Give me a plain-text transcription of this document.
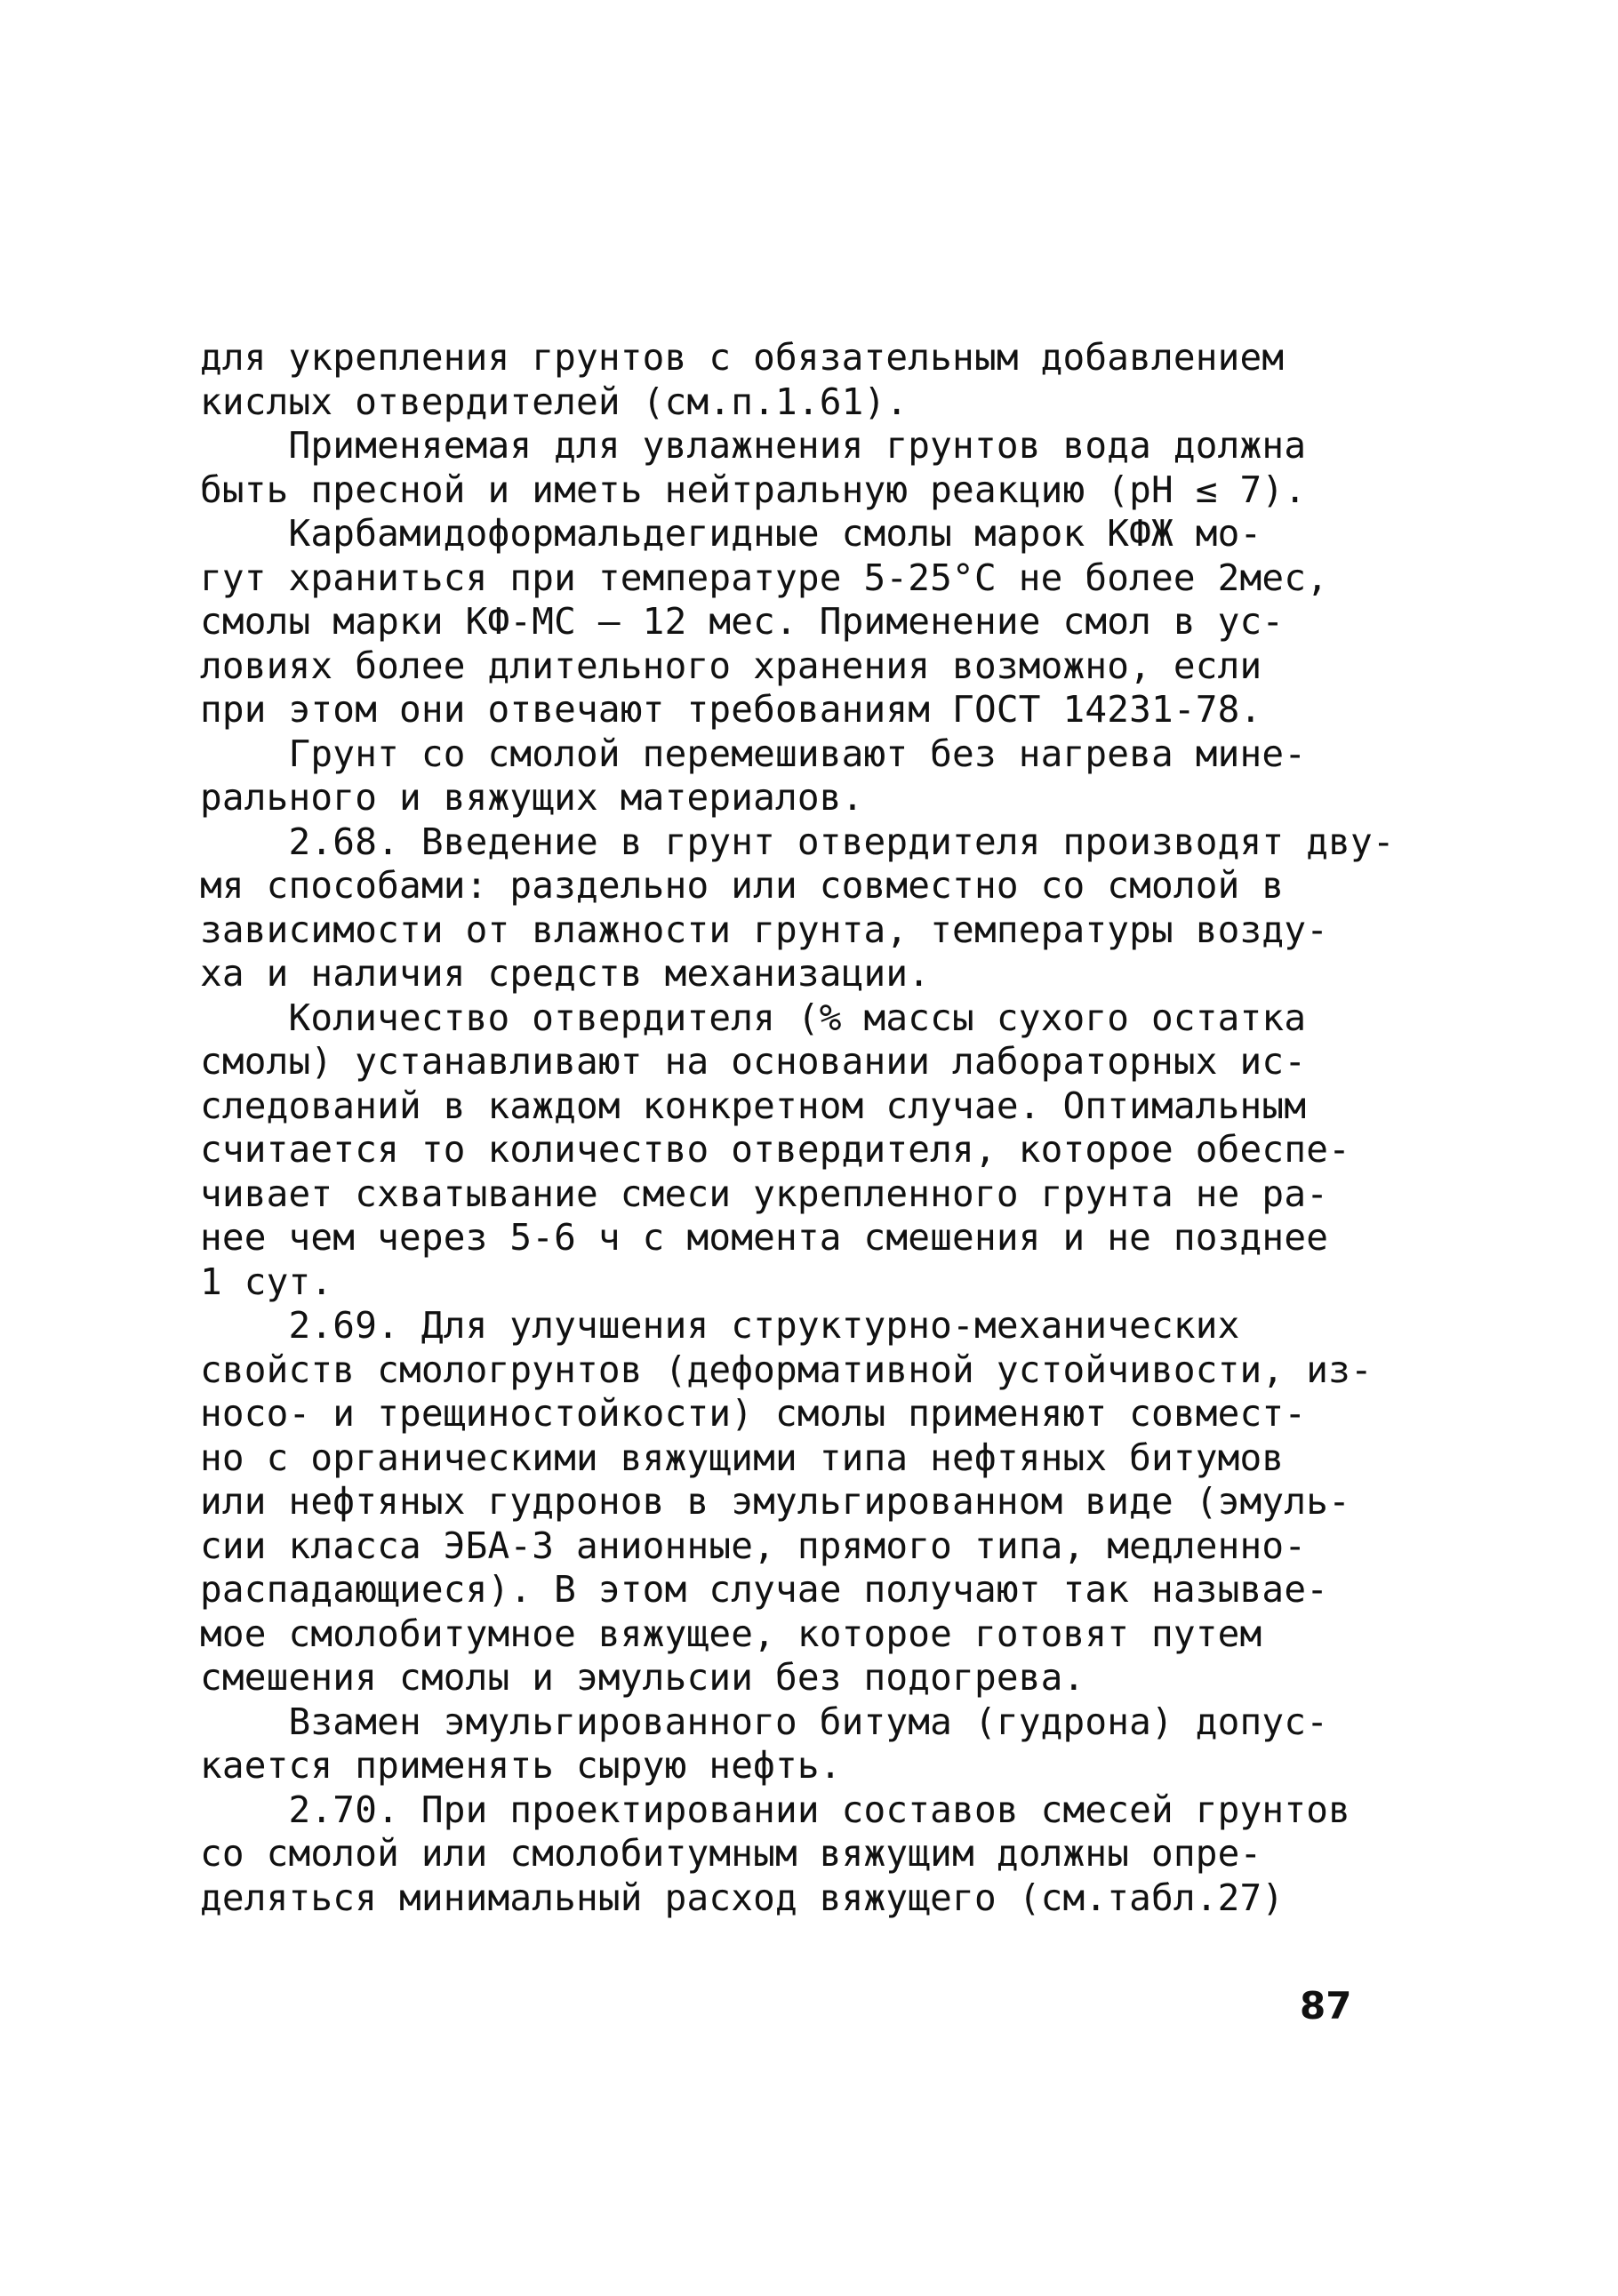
для укрепления грунтов с обязательным добавлением
кислых отвердителей (см.п.1.61).
Применяемая для увлажнения грунтов вода должна
быть пресной и иметь нейтральную реакцию (рН ≤ 7).
Карбамидоформальдегидные смолы марок КФЖ мо-
гут храниться при температуре 5-25°С не более 2мес,
смолы марки КФ-МС – 12 мес. Применение смол в ус-
ловиях более длительного хранения возможно, если
при этом они отвечают требованиям ГОСТ 14231-78.
Грунт со смолой перемешивают без нагрева мине-
рального и вяжущих материалов.
2.68. Введение в грунт отвердителя производят дву-
мя способами: раздельно или совместно со смолой в
зависимости от влажности грунта, температуры возду-
ха и наличия средств механизации.
Количество отвердителя (% массы сухого остатка
смолы) устанавливают на основании лабораторных ис-
следований в каждом конкретном случае. Оптимальным
считается то количество отвердителя, которое обеспе-
чивает схватывание смеси укрепленного грунта не ра-
нее чем через 5-6 ч с момента смешения и не позднее
1 сут.
2.69. Для улучшения структурно-механических
свойств смологрунтов (деформативной устойчивости, из-
носо- и трещиностойкости) смолы применяют совмест-
но с органическими вяжущими типа нефтяных битумов
или нефтяных гудронов в эмульгированном виде (эмуль-
сии класса ЭБА-3 анионные, прямого типа, медленно-
распадающиеся). В этом случае получают так называе-
мое смолобитумное вяжущее, которое готовят путем
смешения смолы и эмульсии без подогрева.
Взамен эмульгированного битума (гудрона) допус-
кается применять сырую нефть.
2.70. При проектировании составов смесей грунтов
со смолой или смолобитумным вяжущим должны опре-
деляться минимальный расход вяжущего (см.табл.27)
87
